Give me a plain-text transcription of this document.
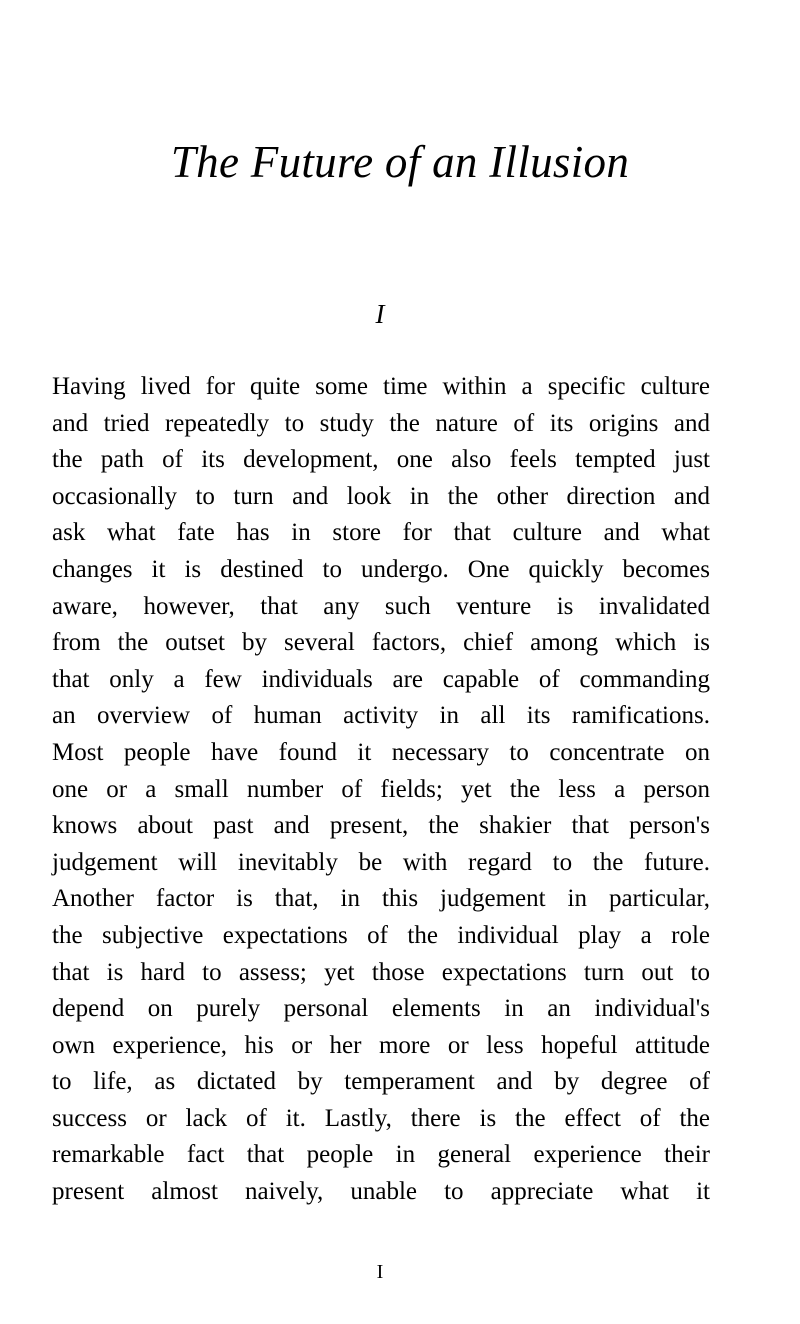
The Future of an Illusion
I
Having lived for quite some time within a specific culture
and tried repeatedly to study the nature of its origins and
the path of its development, one also feels tempted just
occasionally to turn and look in the other direction and
ask what fate has in store for that culture and what
changes it is destined to undergo. One quickly becomes
aware, however, that any such venture is invalidated
from the outset by several factors, chief among which is
that only a few individuals are capable of commanding
an overview of human activity in all its ramifications.
Most people have found it necessary to concentrate on
one or a small number of fields; yet the less a person
knows about past and present, the shakier that person's
judgement will inevitably be with regard to the future.
Another factor is that, in this judgement in particular,
the subjective expectations of the individual play a role
that is hard to assess; yet those expectations turn out to
depend on purely personal elements in an individual's
own experience, his or her more or less hopeful attitude
to life, as dictated by temperament and by degree of
success or lack of it. Lastly, there is the effect of the
remarkable fact that people in general experience their
present almost naively, unable to appreciate what it
I
